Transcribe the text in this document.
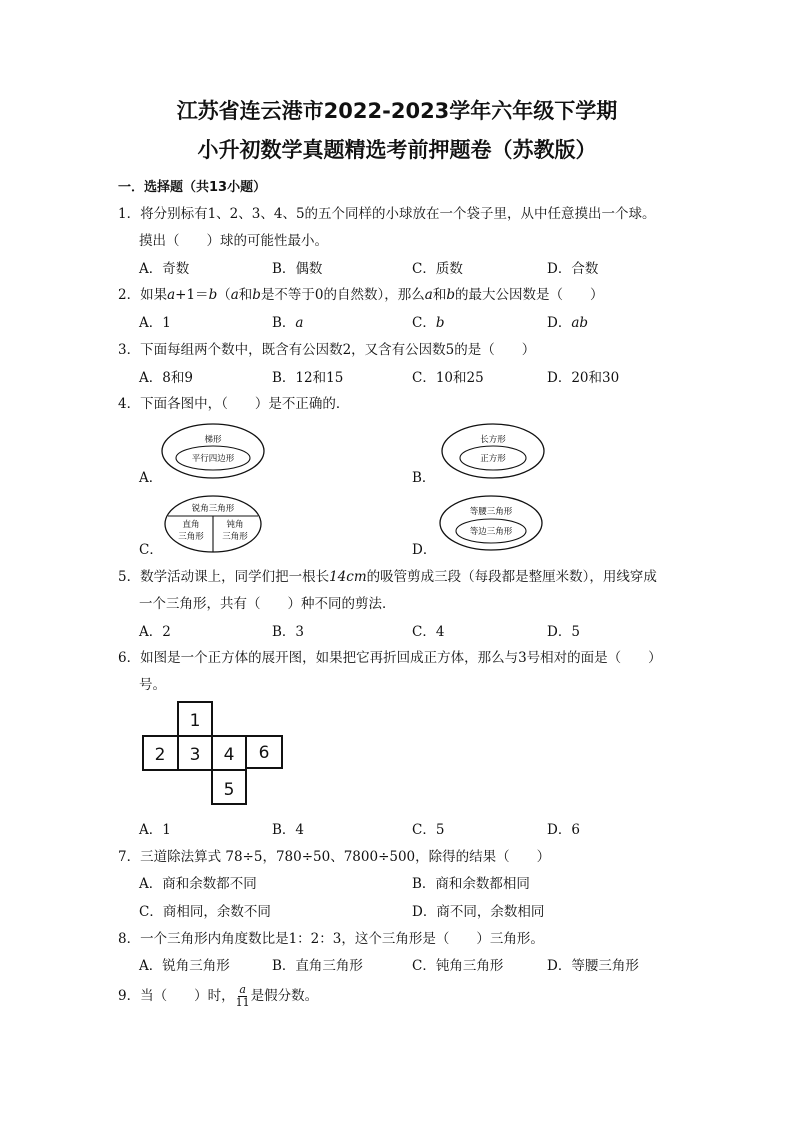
江苏省连云港市2022-2023学年六年级下学期
小升初数学真题精选考前押题卷（苏教版）
一．选择题（共13小题）
1．将分别标有1、2、3、4、5的五个同样的小球放在一个袋子里，从中任意摸出一个球。
摸出（　　）球的可能性最小。
A．奇数	B．偶数	C．质数	D．合数
2．如果a+1＝b（a和b是不等于0的自然数），那么a和b的最大公因数是（　　）
A．1	B．a	C．b	D．ab
3．下面每组两个数中，既含有公因数2，又含有公因数5的是（　　）
A．8和9	B．12和15	C．10和25	D．20和30
4．下面各图中，（　　）是不正确的．
A．	B．
C．	D．
梯形
平行四边形
长方形
正方形
锐角三角形
直角
三角形
钝角
三角形
等腰三角形
等边三角形
5．数学活动课上，同学们把一根长14cm的吸管剪成三段（每段都是整厘米数），用线穿成
一个三角形，共有（　　）种不同的剪法．
A．2	B．3	C．4	D．5
6．如图是一个正方体的展开图，如果把它再折回成正方体，那么与3号相对的面是（　　）
号。
1
2 3 4 6
5
A．1	B．4	C．5	D．6
7．三道除法算式 78÷5，780÷50、7800÷500，除得的结果（　　）
A．商和余数都不同	B．商和余数都相同
C．商相同，余数不同	D．商不同，余数相同
8．一个三角形内角度数比是1：2：3，这个三角形是（　　）三角形。
A．锐角三角形	B．直角三角形	C．钝角三角形	D．等腰三角形
9．当（　　）时， $\frac{a}{11}$ 是假分数。
